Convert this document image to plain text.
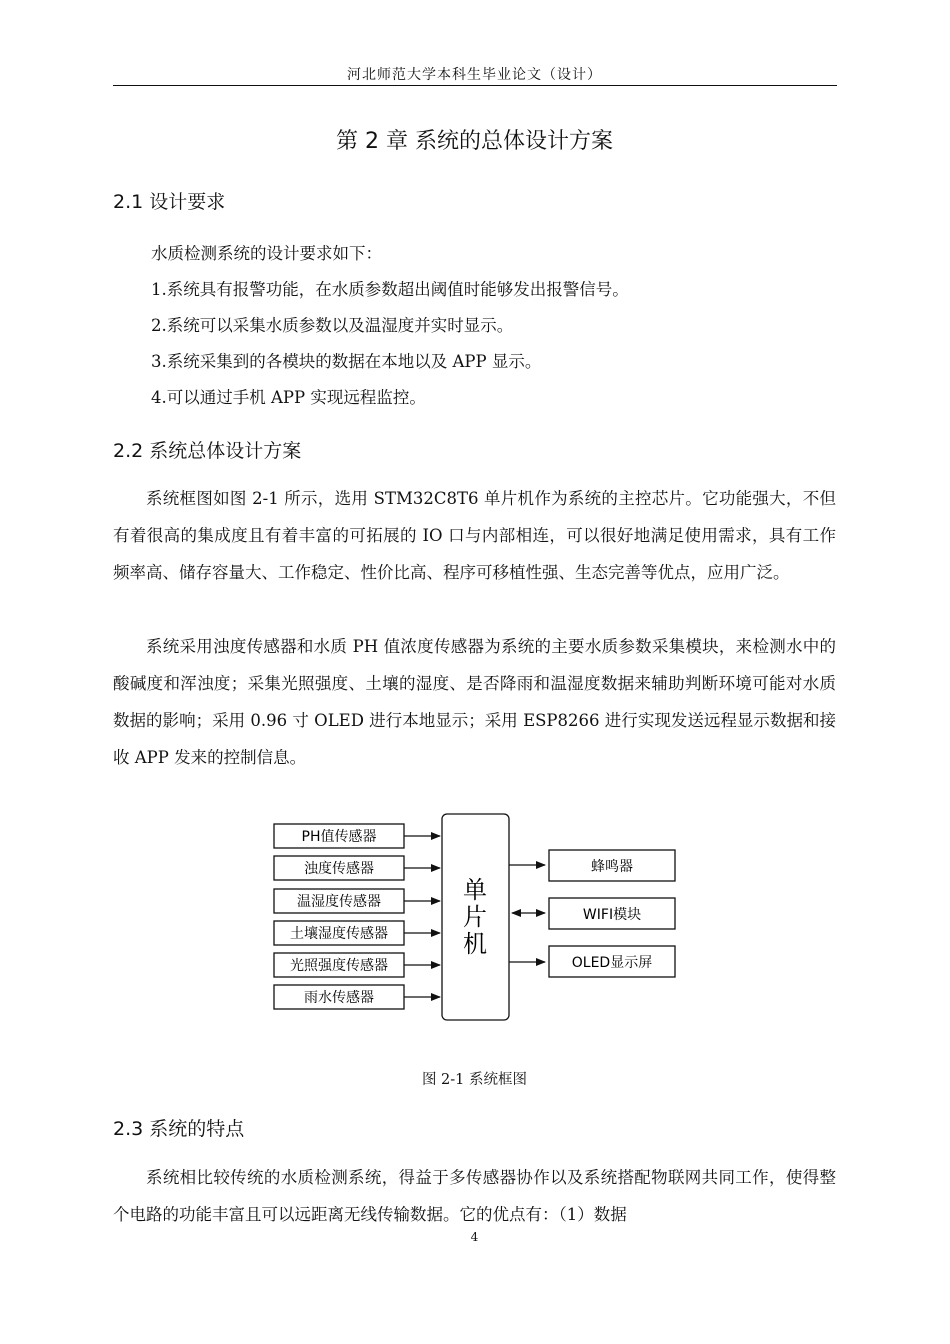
河北师范大学本科生毕业论文（设计）
第 2 章 系统的总体设计方案
2.1 设计要求
水质检测系统的设计要求如下：
1.系统具有报警功能，在水质参数超出阈值时能够发出报警信号。
2.系统可以采集水质参数以及温湿度并实时显示。
3.系统采集到的各模块的数据在本地以及 APP 显示。
4.可以通过手机 APP 实现远程监控。
2.2 系统总体设计方案

系统框图如图 2-1 所示，选用 STM32C8T6 单片机作为系统的主控芯片。它功能强大，不但有着很高的集成度且有着丰富的可拓展的 IO 口与内部相连，可以很好地满足使用需求，具有工作频率高、储存容量大、工作稳定、性价比高、程序可移植性强、生态完善等优点，应用广泛。

系统采用浊度传感器和水质 PH 值浓度传感器为系统的主要水质参数采集模块，来检测水中的酸碱度和浑浊度；采集光照强度、土壤的湿度、是否降雨和温湿度数据来辅助判断环境可能对水质数据的影响；采用 0.96 寸 OLED 进行本地显示；采用 ESP8266 进行实现发送远程显示数据和接收 APP 发来的控制信息。

PH值传感器
浊度传感器
温湿度传感器
土壤湿度传感器
光照强度传感器
雨水传感器
单
片
机
蜂鸣器
WIFI模块
OLED显示屏
图 2-1 系统框图
2.3 系统的特点

系统相比较传统的水质检测系统，得益于多传感器协作以及系统搭配物联网共同工作，使得整个电路的功能丰富且可以远距离无线传输数据。它的优点有：（1）数据

4
